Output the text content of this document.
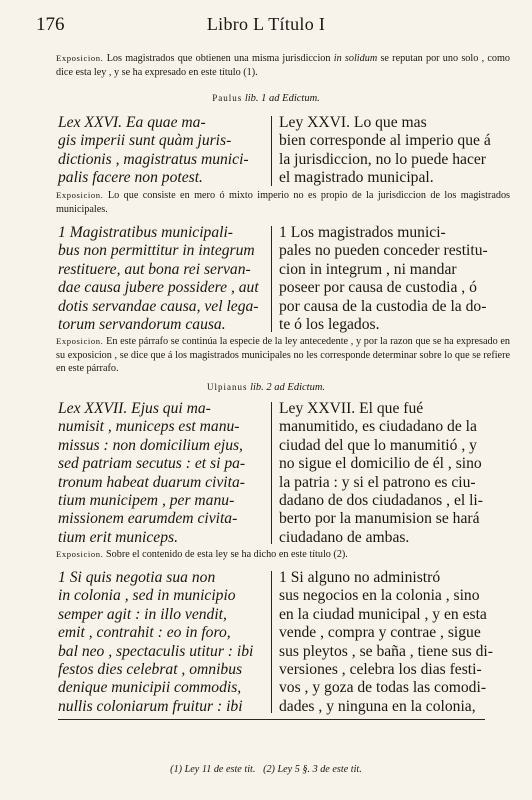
176	Libro L Título I
Exposicion. Los magistrados que obtienen una misma jurisdiccion in solidum se reputan por uno solo , como dice esta ley , y se ha expresado en este título (1).
Paulus lib. 1 ad Edictum.
Lex XXVI. Ea quae ma-
gis imperii sunt quàm juris-
dictionis , magistratus munici-
palis facere non potest.
Ley XXVI. Lo que mas
bien corresponde al imperio que á
la jurisdiccion, no lo puede hacer
el magistrado municipal.
Exposicion. Lo que consiste en mero ó mixto imperio no es propio de la jurisdiccion de los magistrados municipales.
1 Magistratibus municipali-
bus non permittitur in integrum
restituere, aut bona rei servan-
dae causa jubere possidere , aut
dotis servandae causa, vel lega-
torum servandorum causa.
1 Los magistrados munici-
pales no pueden conceder restitu-
cion in integrum , ni mandar
poseer por causa de custodia , ó
por causa de la custodia de la do-
te ó los legados.
Exposicion. En este párrafo se continúa la especie de la ley antecedente , y por la razon que se ha expresado en su exposicion , se dice que á los magistrados municipales no les corresponde determinar sobre lo que se refiere en este párrafo.
Ulpianus lib. 2 ad Edictum.
Lex XXVII. Ejus qui ma-
numisit , municeps est manu-
missus : non domicilium ejus,
sed patriam secutus : et si pa-
tronum habeat duarum civita-
tium municipem , per manu-
missionem earumdem civita-
tium erit municeps.
Ley XXVII. El que fué
manumitido, es ciudadano de la
ciudad del que lo manumitió , y
no sigue el domicilio de él , sino
la patria : y si el patrono es ciu-
dadano de dos ciudadanos , el li-
berto por la manumision se hará
ciudadano de ambas.
Exposicion. Sobre el contenido de esta ley se ha dicho en este título (2).
1 Si quis negotia sua non
in colonia , sed in municipio
semper agit : in illo vendit,
emit , contrahit : eo in foro,
bal neo , spectaculis utitur : ibi
festos dies celebrat , omnibus
denique municipii commodis,
nullis coloniarum fruitur : ibi
1 Si alguno no administró
sus negocios en la colonia , sino
en la ciudad municipal , y en esta
vende , compra y contrae , sigue
sus pleytos , se baña , tiene sus di-
versiones , celebra los dias festi-
vos , y goza de todas las comodi-
dades , y ninguna en la colonia,
(1) Ley 11 de este tit. (2) Ley 5 §. 3 de este tit.
